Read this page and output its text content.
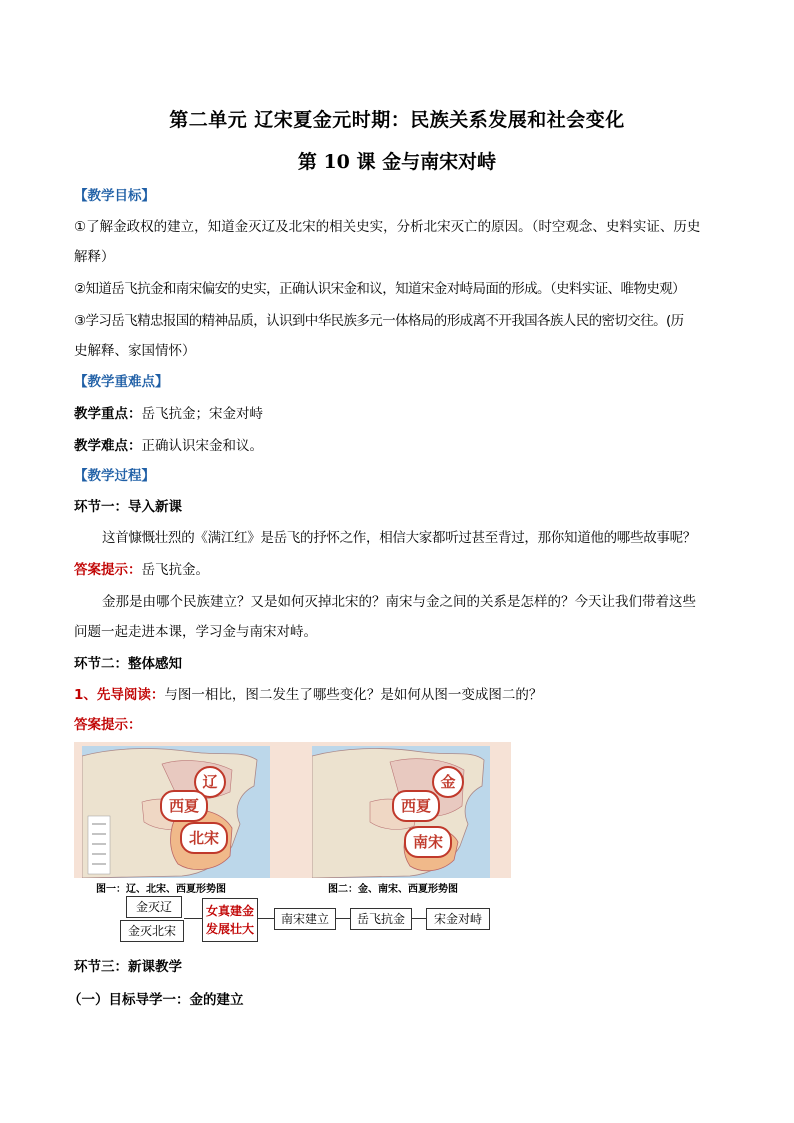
第二单元 辽宋夏金元时期：民族关系发展和社会变化
第 10 课 金与南宋对峙
【教学目标】
①了解金政权的建立，知道金灭辽及北宋的相关史实，分析北宋灭亡的原因。（时空观念、史料实证、历史
解释）
②知道岳飞抗金和南宋偏安的史实，正确认识宋金和议，知道宋金对峙局面的形成。（史料实证、唯物史观）
③学习岳飞精忠报国的精神品质，认识到中华民族多元一体格局的形成离不开我国各族人民的密切交往。(历
史解释、家国情怀）
【教学重难点】
教学重点：岳飞抗金；宋金对峙
教学难点：正确认识宋金和议。
【教学过程】
环节一：导入新课
这首慷慨壮烈的《满江红》是岳飞的抒怀之作，相信大家都听过甚至背过，那你知道他的哪些故事呢？
答案提示：岳飞抗金。
金那是由哪个民族建立？又是如何灭掉北宋的？南宋与金之间的关系是怎样的？今天让我们带着这些
问题一起走进本课，学习金与南宋对峙。
环节二：整体感知
1、先导阅读：与图一相比，图二发生了哪些变化？是如何从图一变成图二的？
答案提示：
辽
西夏
北宋
图一：辽、北宋、西夏形势图
金
西夏
南宋
图二：金、南宋、西夏形势图
金灭辽
金灭北宋
女真建金
发展壮大
南宋建立	岳飞抗金	宋金对峙
环节三：新课教学
（一）目标导学一：金的建立
